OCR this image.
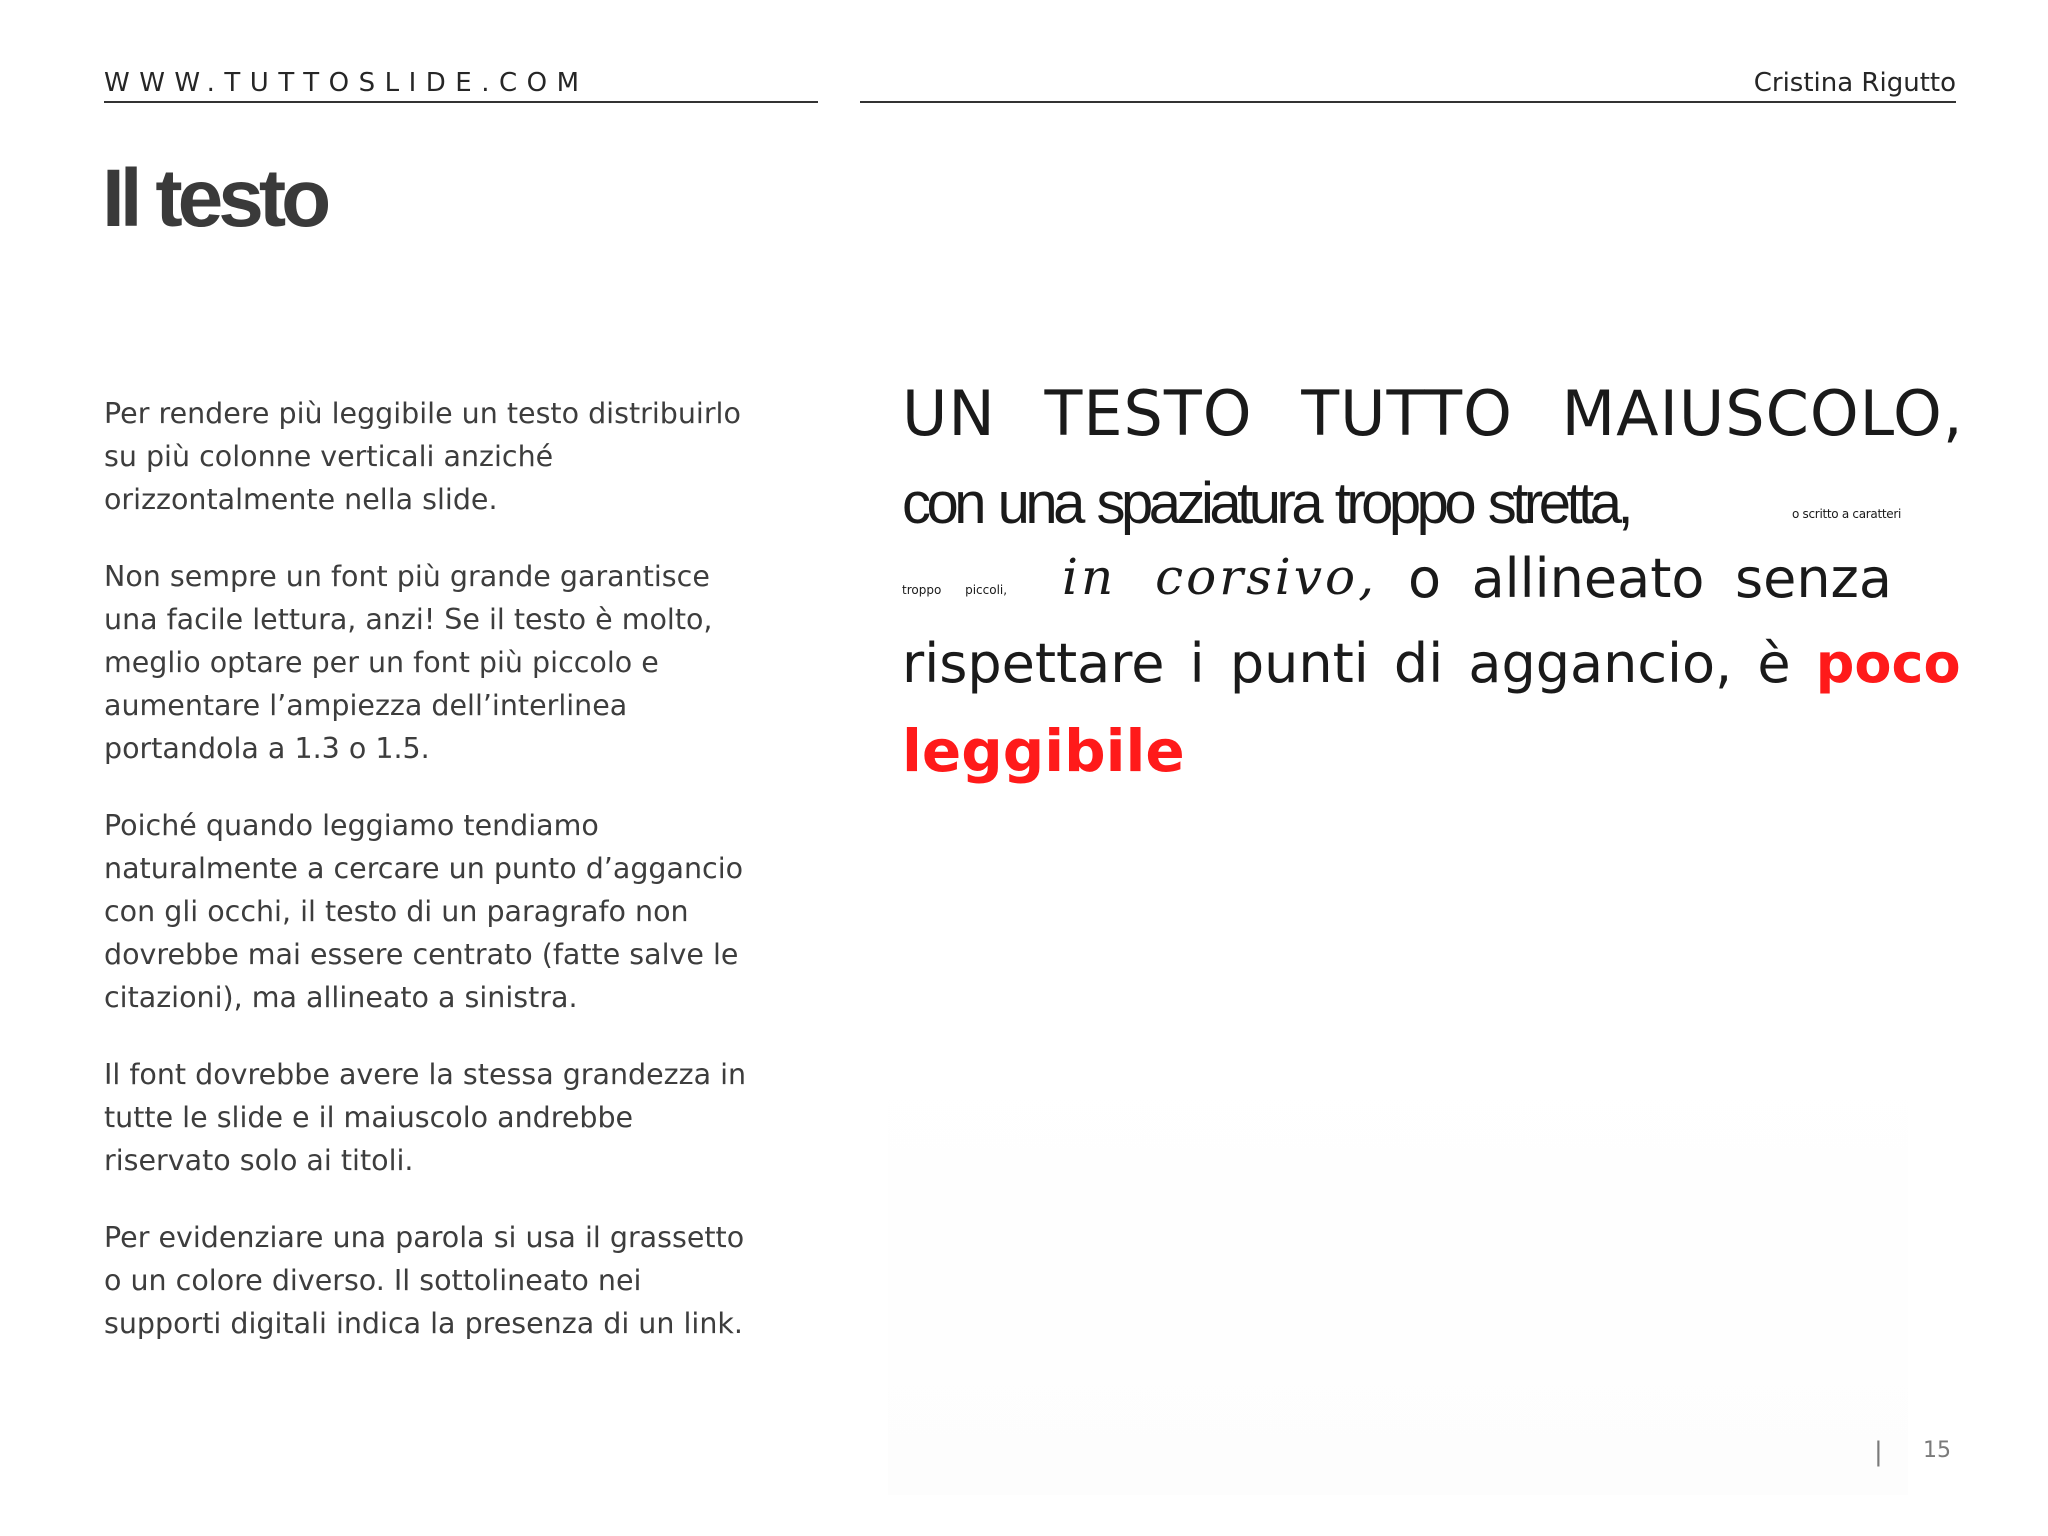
WWW.TUTTOSLIDE.COM	Cristina Rigutto
Il testo

Per rendere più leggibile un testo distribuirlo su più colonne verticali anziché orizzontalmente nella slide.

Non sempre un font più grande garantisce una facile lettura, anzi! Se il testo è molto, meglio optare per un font più piccolo e aumentare l’ampiezza dell’interlinea portandola a 1.3 o 1.5.

Poiché quando leggiamo tendiamo naturalmente a cercare un punto d’aggancio con gli occhi, il testo di un paragrafo non dovrebbe mai essere centrato (fatte salve le citazioni), ma allineato a sinistra.

Il font dovrebbe avere la stessa grandezza in tutte le slide e il maiuscolo andrebbe riservato solo ai titoli.

Per evidenziare una parola si usa il grassetto o un colore diverso. Il sottolineato nei supporti digitali indica la presenza di un link.

UN TESTO TUTTO MAIUSCOLO,
con una spaziatura troppo stretta,	o scritto a caratteri
troppo piccoli, in corsivo, o allineato senza
rispettare i punti di aggancio, è poco
leggibile
| 15
